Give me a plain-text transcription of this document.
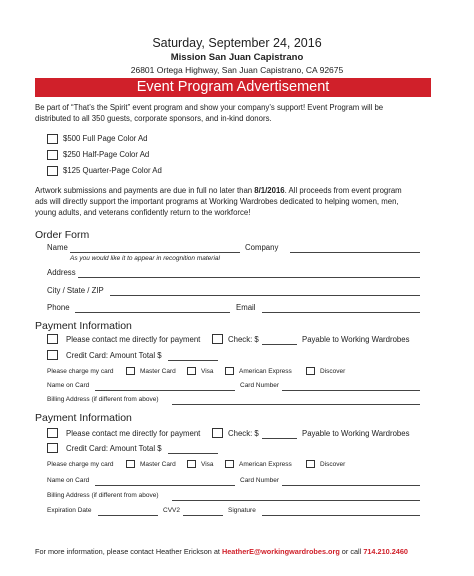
Saturday, September 24, 2016
Mission San Juan Capistrano
26801 Ortega Highway, San Juan Capistrano, CA 92675
Event Program Advertisement
Be part of “That’s the Spirit” event program and show your company’s support! Event Program will be
distributed to all 350 guests, corporate sponsors, and in-kind donors.
$500 Full Page Color Ad
$250 Half-Page Color Ad
$125 Quarter-Page Color Ad
Artwork submissions and payments are due in full no later than 8/1/2016. All proceeds from event program
ads will directly support the important programs at Working Wardrobes dedicated to helping women, men,
young adults, and veterans confidently return to the workforce!
Order Form
Name	Company
As you would like it to appear in recognition material
Address
City / State / ZIP
Phone	Email
Payment Information
Please contact me directly for payment	Check: $	Payable to Working Wardrobes
Credit Card: Amount Total $
Please charge my card	Master Card	Visa	American Express	Discover
Name on Card	Card Number
Billing Address (if different from above)
Payment Information
Please contact me directly for payment	Check: $	Payable to Working Wardrobes
Credit Card: Amount Total $
Please charge my card	Master Card	Visa	American Express	Discover
Name on Card	Card Number
Billing Address (if different from above)
Expiration Date	CVV2	Signature
For more information, please contact Heather Erickson at HeatherE@workingwardrobes.org or call 714.210.2460
